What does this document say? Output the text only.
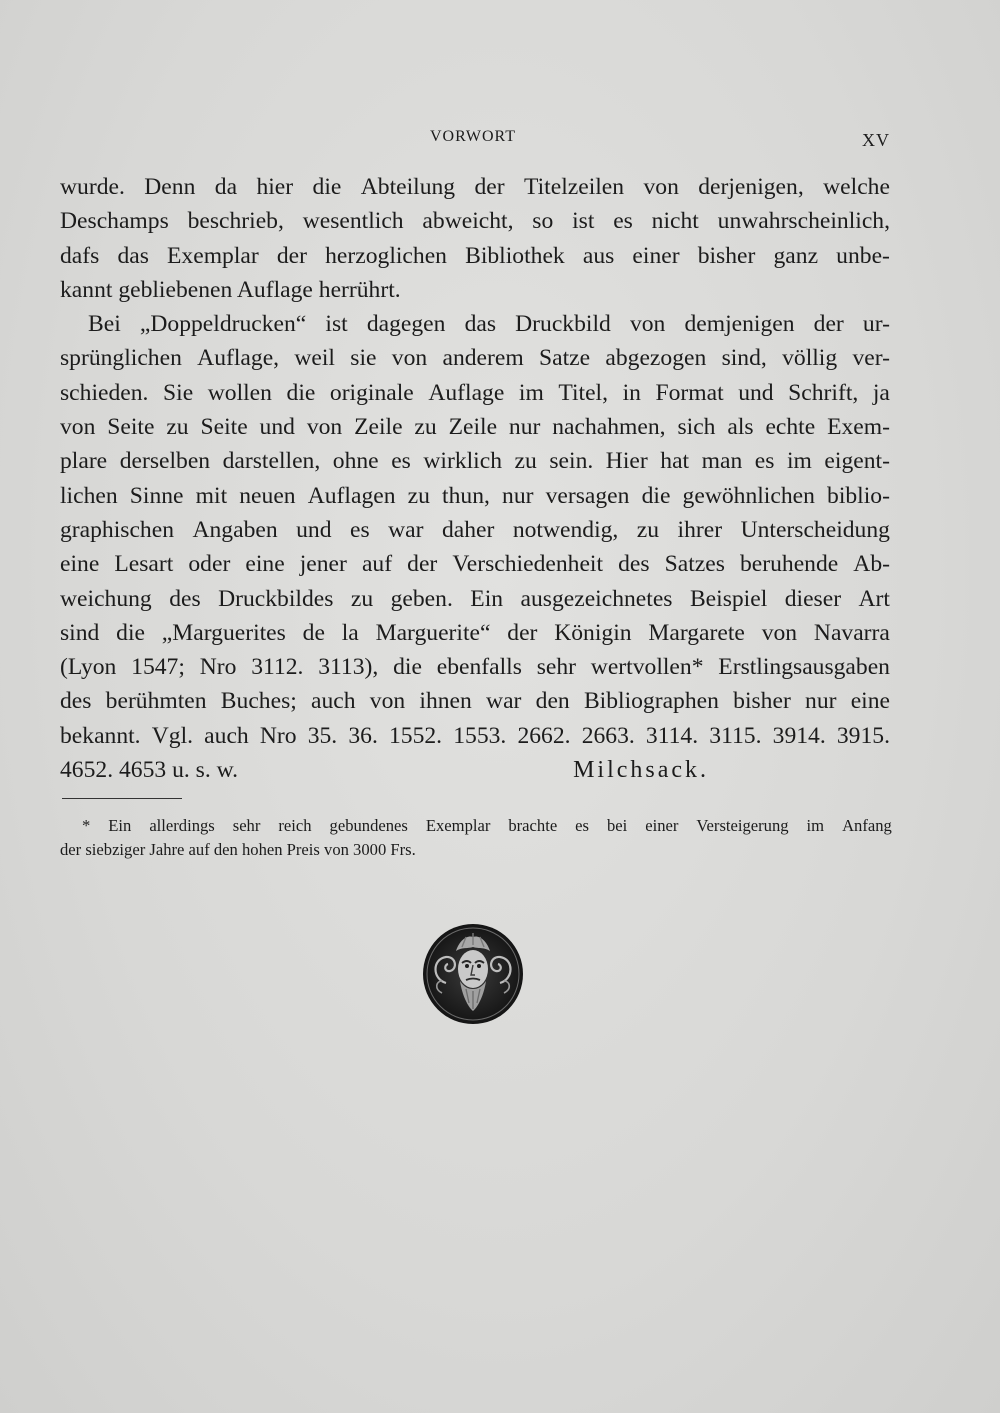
VORWORT	XV
wurde. Denn da hier die Abteilung der Titelzeilen von derjenigen, welche
Deschamps beschrieb, wesentlich abweicht, so ist es nicht unwahrscheinlich,
dafs das Exemplar der herzoglichen Bibliothek aus einer bisher ganz unbe-
kannt gebliebenen Auflage herrührt.
Bei „Doppeldrucken“ ist dagegen das Druckbild von demjenigen der ur-
sprünglichen Auflage, weil sie von anderem Satze abgezogen sind, völlig ver-
schieden. Sie wollen die originale Auflage im Titel, in Format und Schrift, ja
von Seite zu Seite und von Zeile zu Zeile nur nachahmen, sich als echte Exem-
plare derselben darstellen, ohne es wirklich zu sein. Hier hat man es im eigent-
lichen Sinne mit neuen Auflagen zu thun, nur versagen die gewöhnlichen biblio-
graphischen Angaben und es war daher notwendig, zu ihrer Unterscheidung
eine Lesart oder eine jener auf der Verschiedenheit des Satzes beruhende Ab-
weichung des Druckbildes zu geben. Ein ausgezeichnetes Beispiel dieser Art
sind die „Marguerites de la Marguerite“ der Königin Margarete von Navarra
(Lyon 1547; Nro 3112. 3113), die ebenfalls sehr wertvollen* Erstlingsausgaben
des berühmten Buches; auch von ihnen war den Bibliographen bisher nur eine
bekannt. Vgl. auch Nro 35. 36. 1552. 1553. 2662. 2663. 3114. 3115. 3914. 3915.
4652. 4653 u. s. w.	Milchsack.
* Ein allerdings sehr reich gebundenes Exemplar brachte es bei einer Versteigerung im Anfang
der siebziger Jahre auf den hohen Preis von 3000 Frs.
